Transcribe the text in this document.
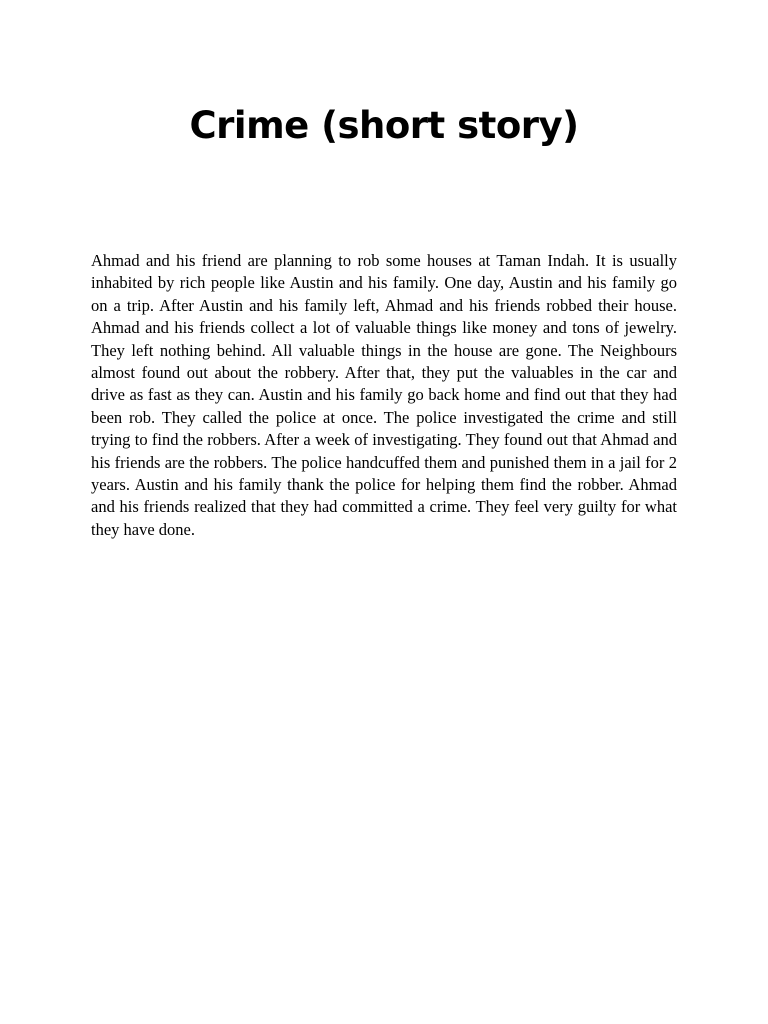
Crime (short story)

Ahmad and his friend are planning to rob some houses at Taman Indah. It is usually inhabited by rich people like Austin and his family. One day, Austin and his family go on a trip. After Austin and his family left, Ahmad and his friends robbed their house. Ahmad and his friends collect a lot of valuable things like money and tons of jewelry. They left nothing behind. All valuable things in the house are gone. The Neighbours almost found out about the robbery. After that, they put the valuables in the car and drive as fast as they can. Austin and his family go back home and find out that they had been rob. They called the police at once. The police investigated the crime and still trying to find the robbers. After a week of investigating. They found out that Ahmad and his friends are the robbers. The police handcuffed them and punished them in a jail for 2 years. Austin and his family thank the police for helping them find the robber. Ahmad and his friends realized that they had committed a crime. They feel very guilty for what they have done.
